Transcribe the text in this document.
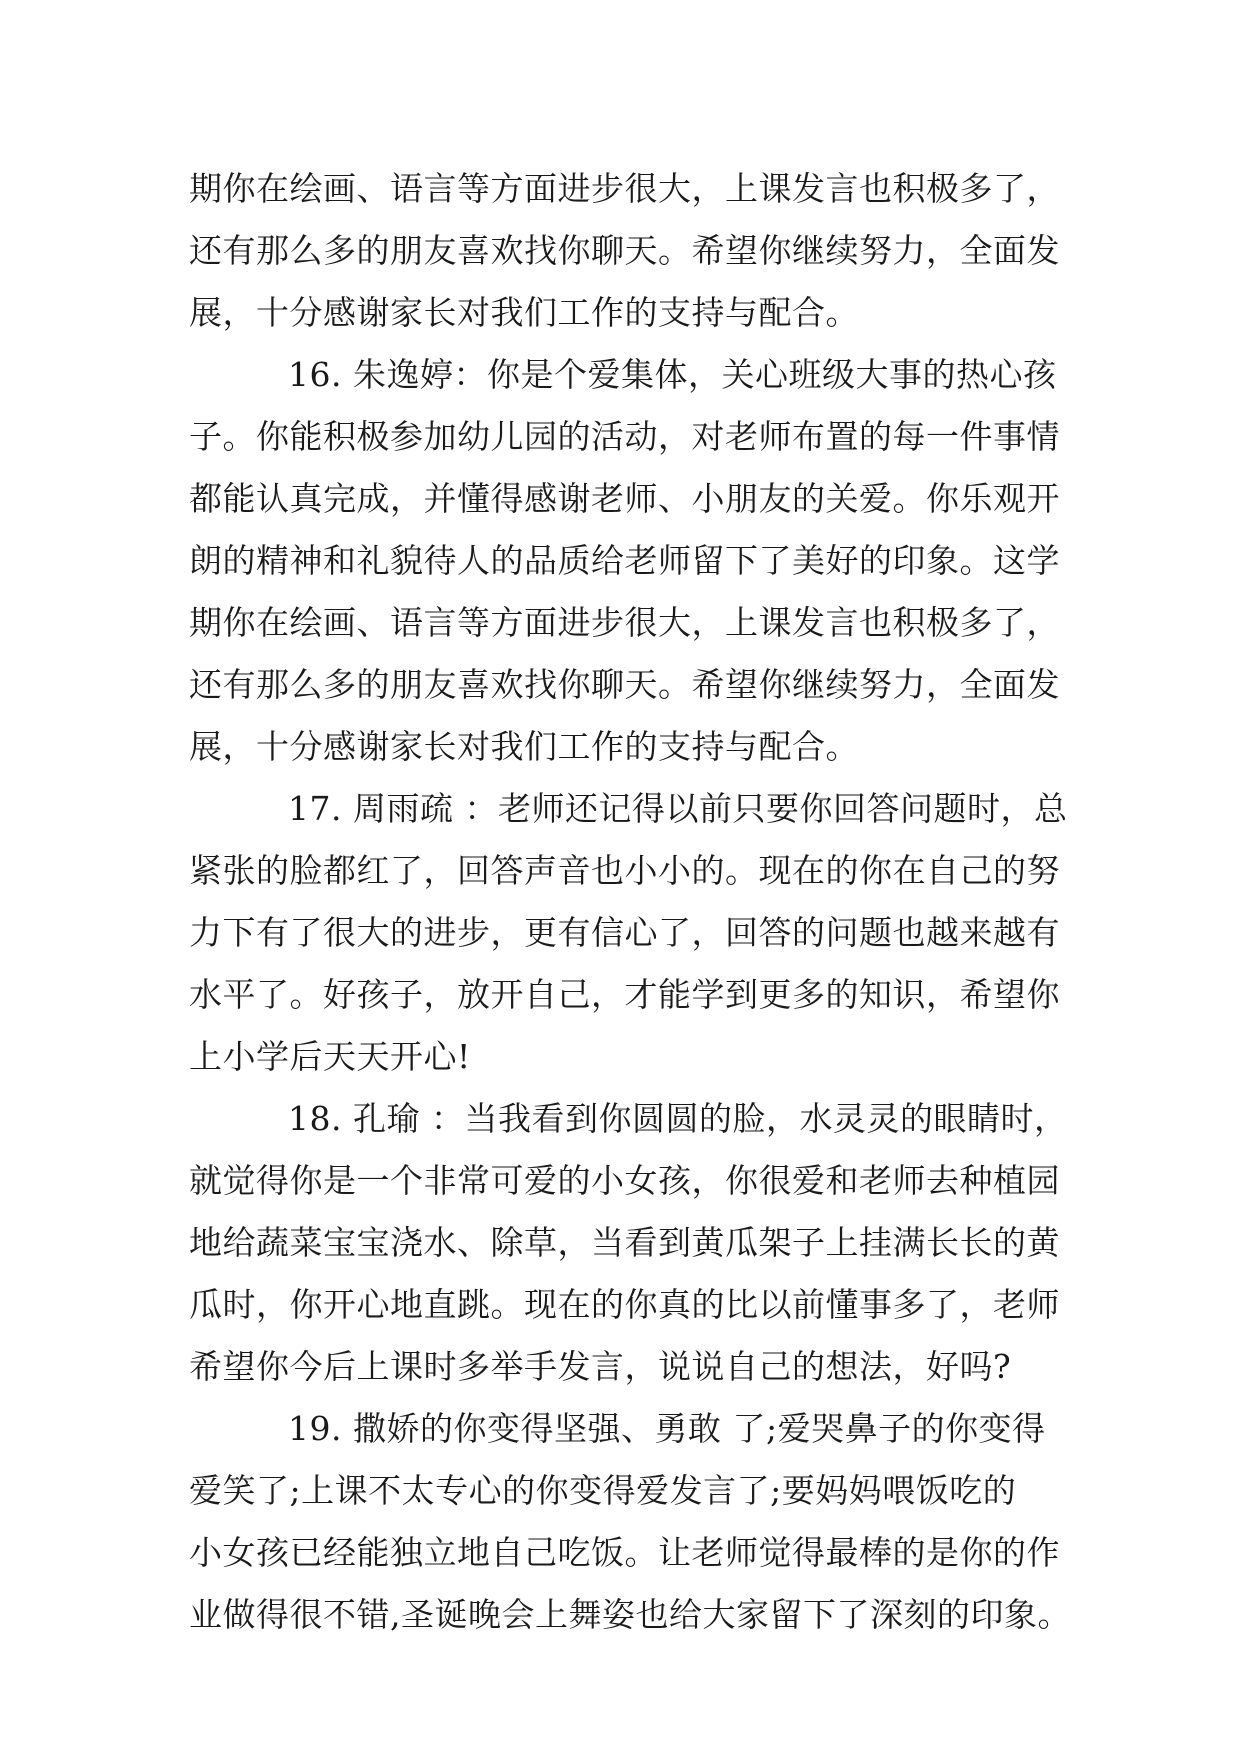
期你在绘画、语言等方面进步很大，上课发言也积极多了，
还有那么多的朋友喜欢找你聊天。希望你继续努力，全面发
展，十分感谢家长对我们工作的支持与配合。
16. 朱逸婷：你是个爱集体，关心班级大事的热心孩
子。你能积极参加幼儿园的活动，对老师布置的每一件事情
都能认真完成，并懂得感谢老师、小朋友的关爱。你乐观开
朗的精神和礼貌待人的品质给老师留下了美好的印象。这学
期你在绘画、语言等方面进步很大，上课发言也积极多了，
还有那么多的朋友喜欢找你聊天。希望你继续努力，全面发
展，十分感谢家长对我们工作的支持与配合。
17. 周雨疏 ：老师还记得以前只要你回答问题时，总
紧张的脸都红了，回答声音也小小的。现在的你在自己的努
力下有了很大的进步，更有信心了，回答的问题也越来越有
水平了。好孩子，放开自己，才能学到更多的知识，希望你
上小学后天天开心!
18. 孔瑜 ：当我看到你圆圆的脸，水灵灵的眼睛时，
就觉得你是一个非常可爱的小女孩，你很爱和老师去种植园
地给蔬菜宝宝浇水、除草，当看到黄瓜架子上挂满长长的黄
瓜时，你开心地直跳。现在的你真的比以前懂事多了，老师
希望你今后上课时多举手发言，说说自己的想法，好吗?
19. 撒娇的你变得坚强、勇敢 了;爱哭鼻子的你变得
爱笑了;上课不太专心的你变得爱发言了;要妈妈喂饭吃的
小女孩已经能独立地自己吃饭。让老师觉得最棒的是你的作
业做得很不错,圣诞晚会上舞姿也给大家留下了深刻的印象。
